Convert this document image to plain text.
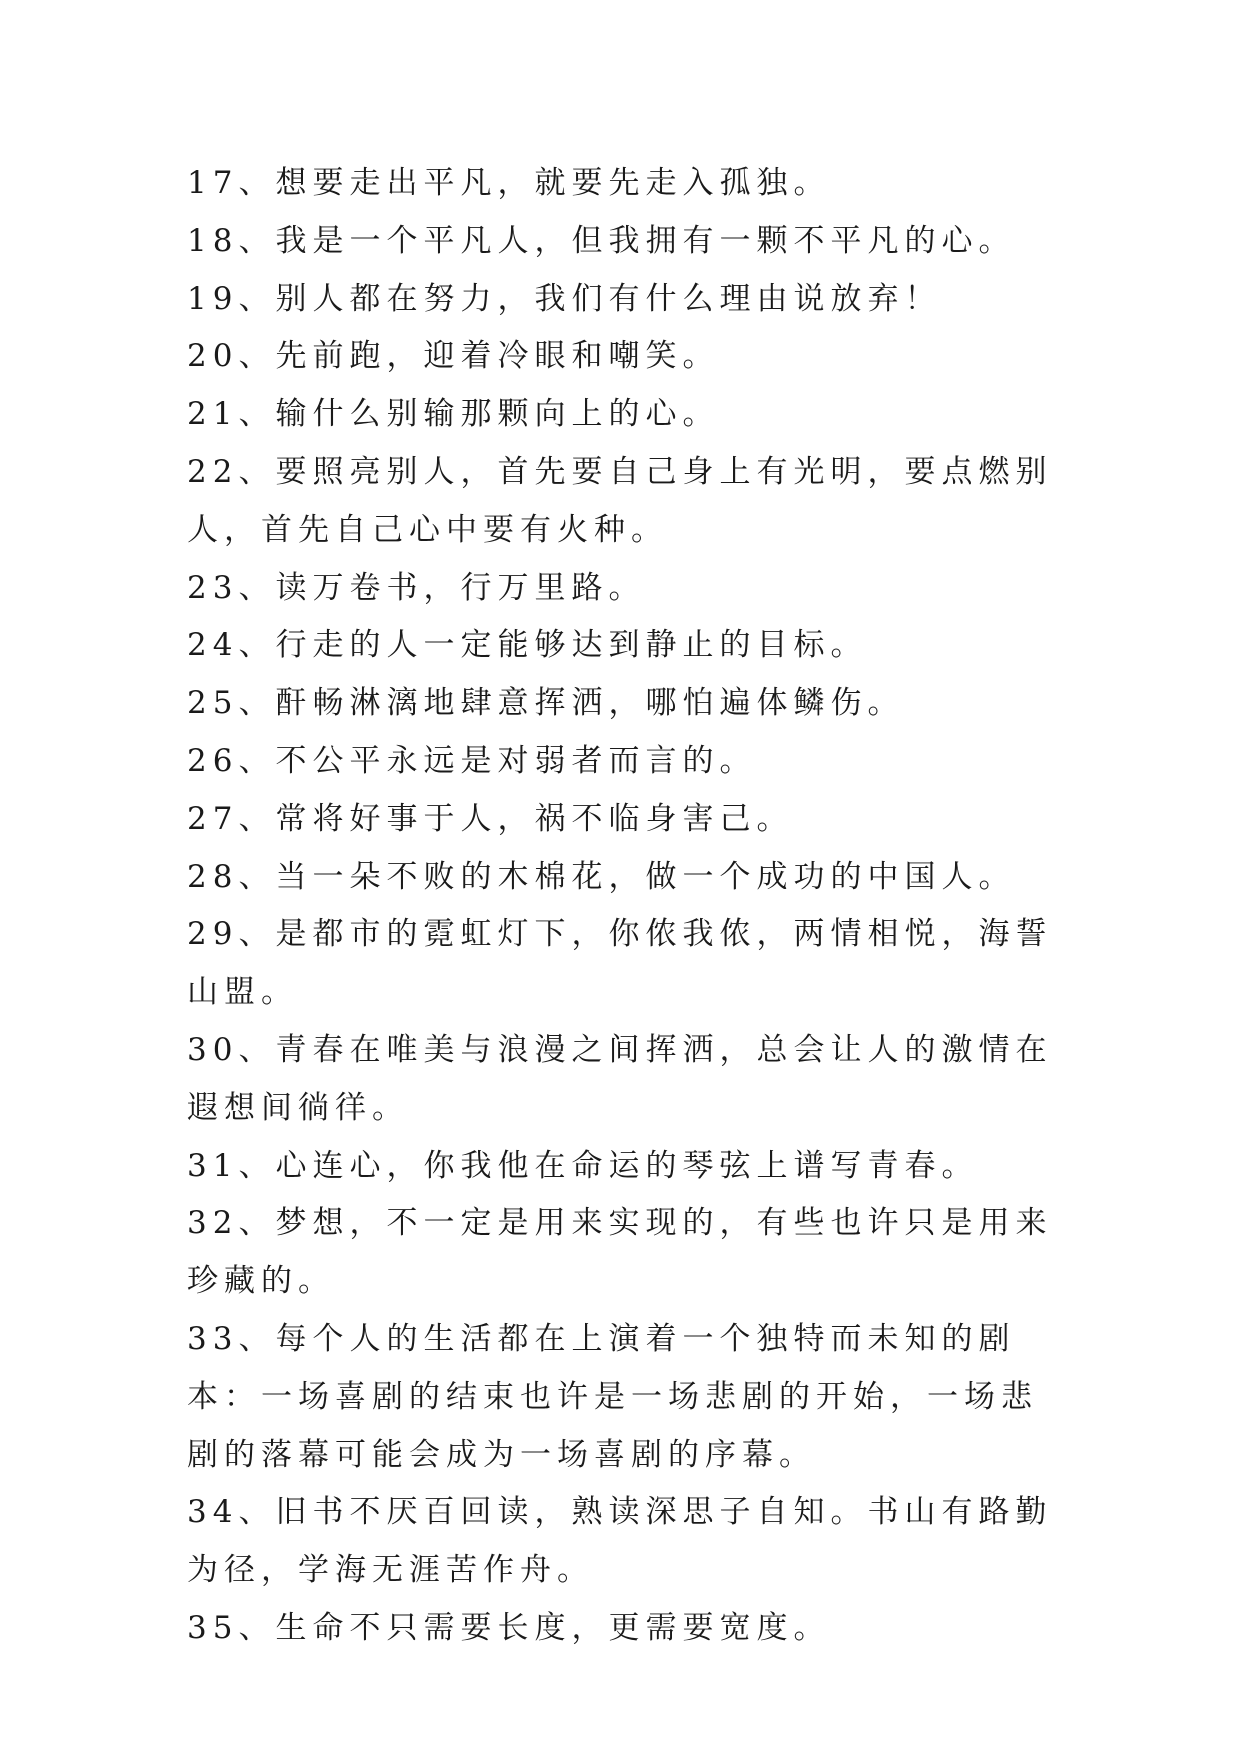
17、想要走出平凡，就要先走入孤独。

18、我是一个平凡人，但我拥有一颗不平凡的心。

19、别人都在努力，我们有什么理由说放弃！

20、先前跑，迎着冷眼和嘲笑。

21、输什么别输那颗向上的心。

22、要照亮别人，首先要自己身上有光明，要点燃别人，首先自己心中要有火种。

23、读万卷书，行万里路。

24、行走的人一定能够达到静止的目标。

25、酐畅淋漓地肆意挥洒，哪怕遍体鳞伤。

26、不公平永远是对弱者而言的。

27、常将好事于人，祸不临身害己。

28、当一朵不败的木棉花，做一个成功的中国人。

29、是都市的霓虹灯下，你侬我侬，两情相悦，海誓山盟。

30、青春在唯美与浪漫之间挥洒，总会让人的激情在遐想间徜徉。

31、心连心，你我他在命运的琴弦上谱写青春。

32、梦想，不一定是用来实现的，有些也许只是用来珍藏的。

33、每个人的生活都在上演着一个独特而未知的剧本：一场喜剧的结束也许是一场悲剧的开始，一场悲剧的落幕可能会成为一场喜剧的序幕。

34、旧书不厌百回读，熟读深思子自知。书山有路勤为径，学海无涯苦作舟。

35、生命不只需要长度，更需要宽度。
